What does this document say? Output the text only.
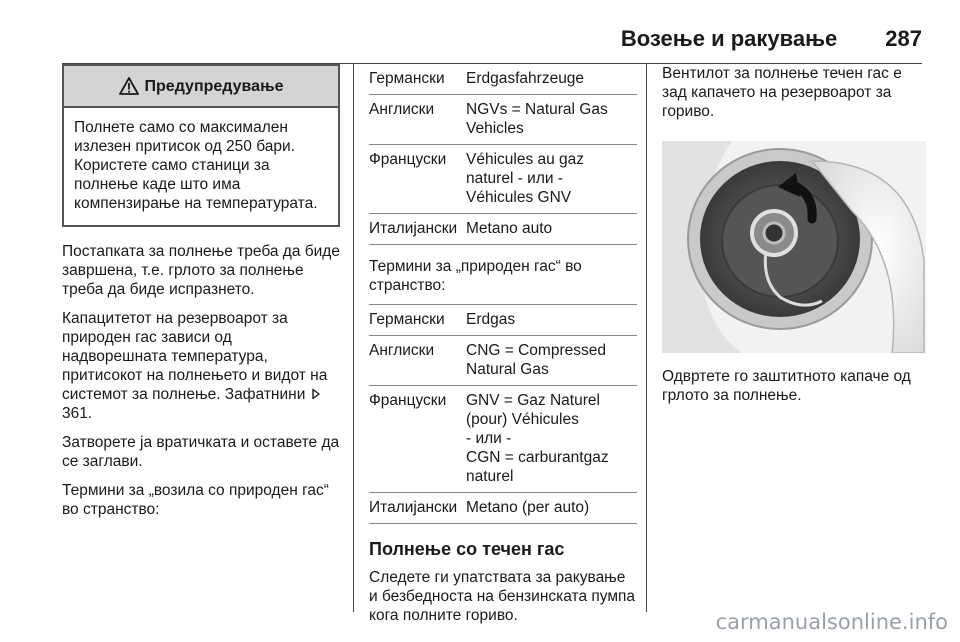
Возење и ракување 287
Предупредување
Полнете само со максимален излезен притисок од 250 бари. Користете само станици за полнење каде што има компензирање на температурата.

Постапката за полнење треба да биде завршена, т.е. грлото за полнење треба да биде испразнето.

Капацитетот на резервоарот за природен гас зависи од надворешната температура, притисокот на полнењето и видот на системот за полнење. Зафатнини 361.

Затворете ја вратичката и оставете да се заглави.

Термини за „возила со природен гас“ во странство:

Германски	Erdgasfahrzeuge
Англиски	NGVs = Natural Gas
Vehicles
Француски	Véhicules au gaz
naturel - или -
Véhicules GNV
Италијански Metano auto

Термини за „природен гас“ во странство:

Германски	Erdgas
Англиски	CNG = Compressed
Natural Gas
Француски	GNV = Gaz Naturel
(pour) Véhicules
- или -
CGN = carburantgaz
naturel
Италијански Metano (per auto)
Полнење со течен гас

Следете ги упатствата за ракување и безбедноста на бензинската пумпа кога полните гориво.

Вентилот за полнење течен гас е зад капачето на резервоарот за гориво.

Одвртете го заштитното капаче од грлото за полнење.

carmanualsonline.info
